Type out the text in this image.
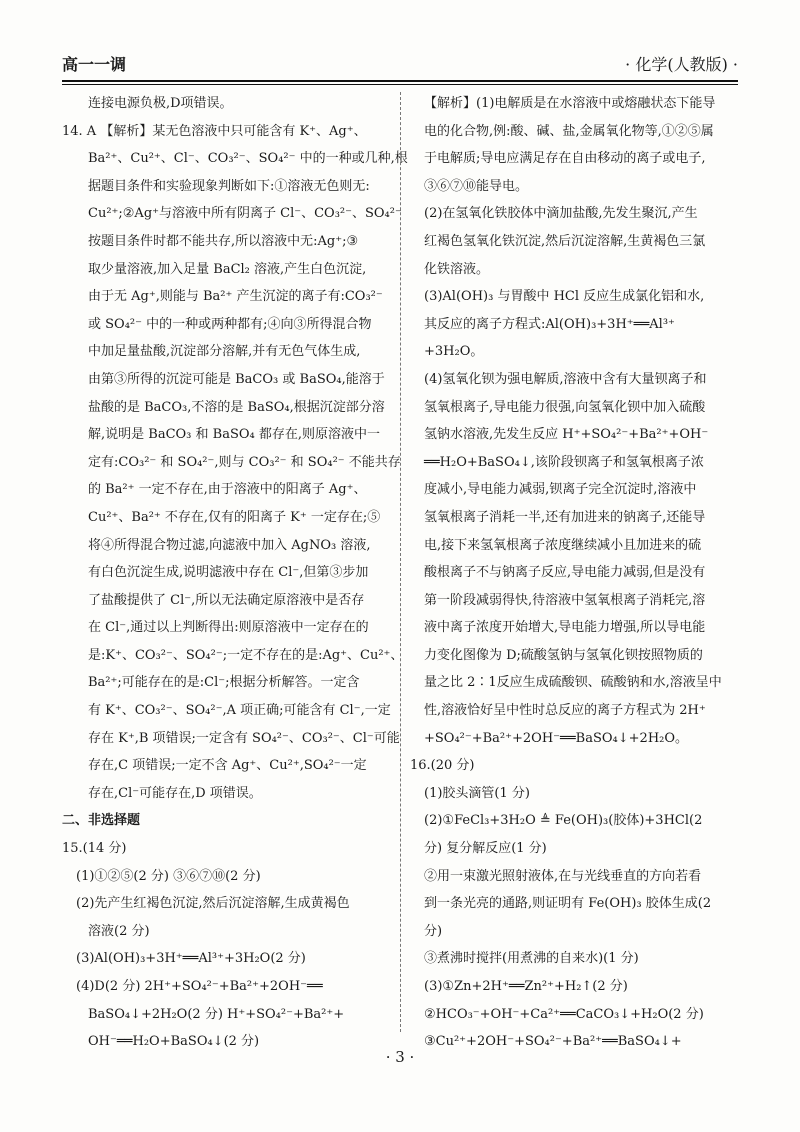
高一一调	· 化学(人教版) ·
连接电源负极,D项错误。
14. A 【解析】某无色溶液中只可能含有 K⁺、Ag⁺、
Ba²⁺、Cu²⁺、Cl⁻、CO₃²⁻、SO₄²⁻ 中的一种或几种,根
据题目条件和实验现象判断如下:①溶液无色则无:
Cu²⁺;②Ag⁺与溶液中所有阴离子 Cl⁻、CO₃²⁻、SO₄²⁻
按题目条件时都不能共存,所以溶液中无:Ag⁺;③
取少量溶液,加入足量 BaCl₂ 溶液,产生白色沉淀,
由于无 Ag⁺,则能与 Ba²⁺ 产生沉淀的离子有:CO₃²⁻
或 SO₄²⁻ 中的一种或两种都有;④向③所得混合物
中加足量盐酸,沉淀部分溶解,并有无色气体生成,
由第③所得的沉淀可能是 BaCO₃ 或 BaSO₄,能溶于
盐酸的是 BaCO₃,不溶的是 BaSO₄,根据沉淀部分溶
解,说明是 BaCO₃ 和 BaSO₄ 都存在,则原溶液中一
定有:CO₃²⁻ 和 SO₄²⁻,则与 CO₃²⁻ 和 SO₄²⁻ 不能共存
的 Ba²⁺ 一定不存在,由于溶液中的阳离子 Ag⁺、
Cu²⁺、Ba²⁺ 不存在,仅有的阳离子 K⁺ 一定存在;⑤
将④所得混合物过滤,向滤液中加入 AgNO₃ 溶液,
有白色沉淀生成,说明滤液中存在 Cl⁻,但第③步加
了盐酸提供了 Cl⁻,所以无法确定原溶液中是否存
在 Cl⁻,通过以上判断得出:则原溶液中一定存在的
是:K⁺、CO₃²⁻、SO₄²⁻;一定不存在的是:Ag⁺、Cu²⁺、
Ba²⁺;可能存在的是:Cl⁻;根据分析解答。一定含
有 K⁺、CO₃²⁻、SO₄²⁻,A 项正确;可能含有 Cl⁻,一定
存在 K⁺,B 项错误;一定含有 SO₄²⁻、CO₃²⁻、Cl⁻可能
存在,C 项错误;一定不含 Ag⁺、Cu²⁺,SO₄²⁻一定
存在,Cl⁻可能存在,D 项错误。
二、非选择题
15.(14 分)
(1)①②⑤(2 分) ③⑥⑦⑩(2 分)
(2)先产生红褐色沉淀,然后沉淀溶解,生成黄褐色
溶液(2 分)
(3)Al(OH)₃+3H⁺══Al³⁺+3H₂O(2 分)
(4)D(2 分) 2H⁺+SO₄²⁻+Ba²⁺+2OH⁻══
BaSO₄↓+2H₂O(2 分) H⁺+SO₄²⁻+Ba²⁺+
OH⁻══H₂O+BaSO₄↓(2 分)
【解析】(1)电解质是在水溶液中或熔融状态下能导
电的化合物,例:酸、碱、盐,金属氧化物等,①②⑤属
于电解质;导电应满足存在自由移动的离子或电子,
③⑥⑦⑩能导电。
(2)在氢氧化铁胶体中滴加盐酸,先发生聚沉,产生
红褐色氢氧化铁沉淀,然后沉淀溶解,生黄褐色三氯
化铁溶液。
(3)Al(OH)₃ 与胃酸中 HCl 反应生成氯化铝和水,
其反应的离子方程式:Al(OH)₃+3H⁺══Al³⁺
+3H₂O。
(4)氢氧化钡为强电解质,溶液中含有大量钡离子和
氢氧根离子,导电能力很强,向氢氧化钡中加入硫酸
氢钠水溶液,先发生反应 H⁺+SO₄²⁻+Ba²⁺+OH⁻
══H₂O+BaSO₄↓,该阶段钡离子和氢氧根离子浓
度减小,导电能力减弱,钡离子完全沉淀时,溶液中
氢氧根离子消耗一半,还有加进来的钠离子,还能导
电,接下来氢氧根离子浓度继续减小且加进来的硫
酸根离子不与钠离子反应,导电能力减弱,但是没有
第一阶段减弱得快,待溶液中氢氧根离子消耗完,溶
液中离子浓度开始增大,导电能力增强,所以导电能
力变化图像为 D;硫酸氢钠与氢氧化钡按照物质的
量之比 2∶1反应生成硫酸钡、硫酸钠和水,溶液呈中
性,溶液恰好呈中性时总反应的离子方程式为 2H⁺
+SO₄²⁻+Ba²⁺+2OH⁻══BaSO₄↓+2H₂O。
16.(20 分)
(1)胶头滴管(1 分)
(2)①FeCl₃+3H₂O ≜ Fe(OH)₃(胶体)+3HCl(2
分) 复分解反应(1 分)
②用一束激光照射液体,在与光线垂直的方向若看
到一条光亮的通路,则证明有 Fe(OH)₃ 胶体生成(2
分)
③煮沸时搅拌(用煮沸的自来水)(1 分)
(3)①Zn+2H⁺══Zn²⁺+H₂↑(2 分)
②HCO₃⁻+OH⁻+Ca²⁺══CaCO₃↓+H₂O(2 分)
③Cu²⁺+2OH⁻+SO₄²⁻+Ba²⁺══BaSO₄↓+
· 3 ·
